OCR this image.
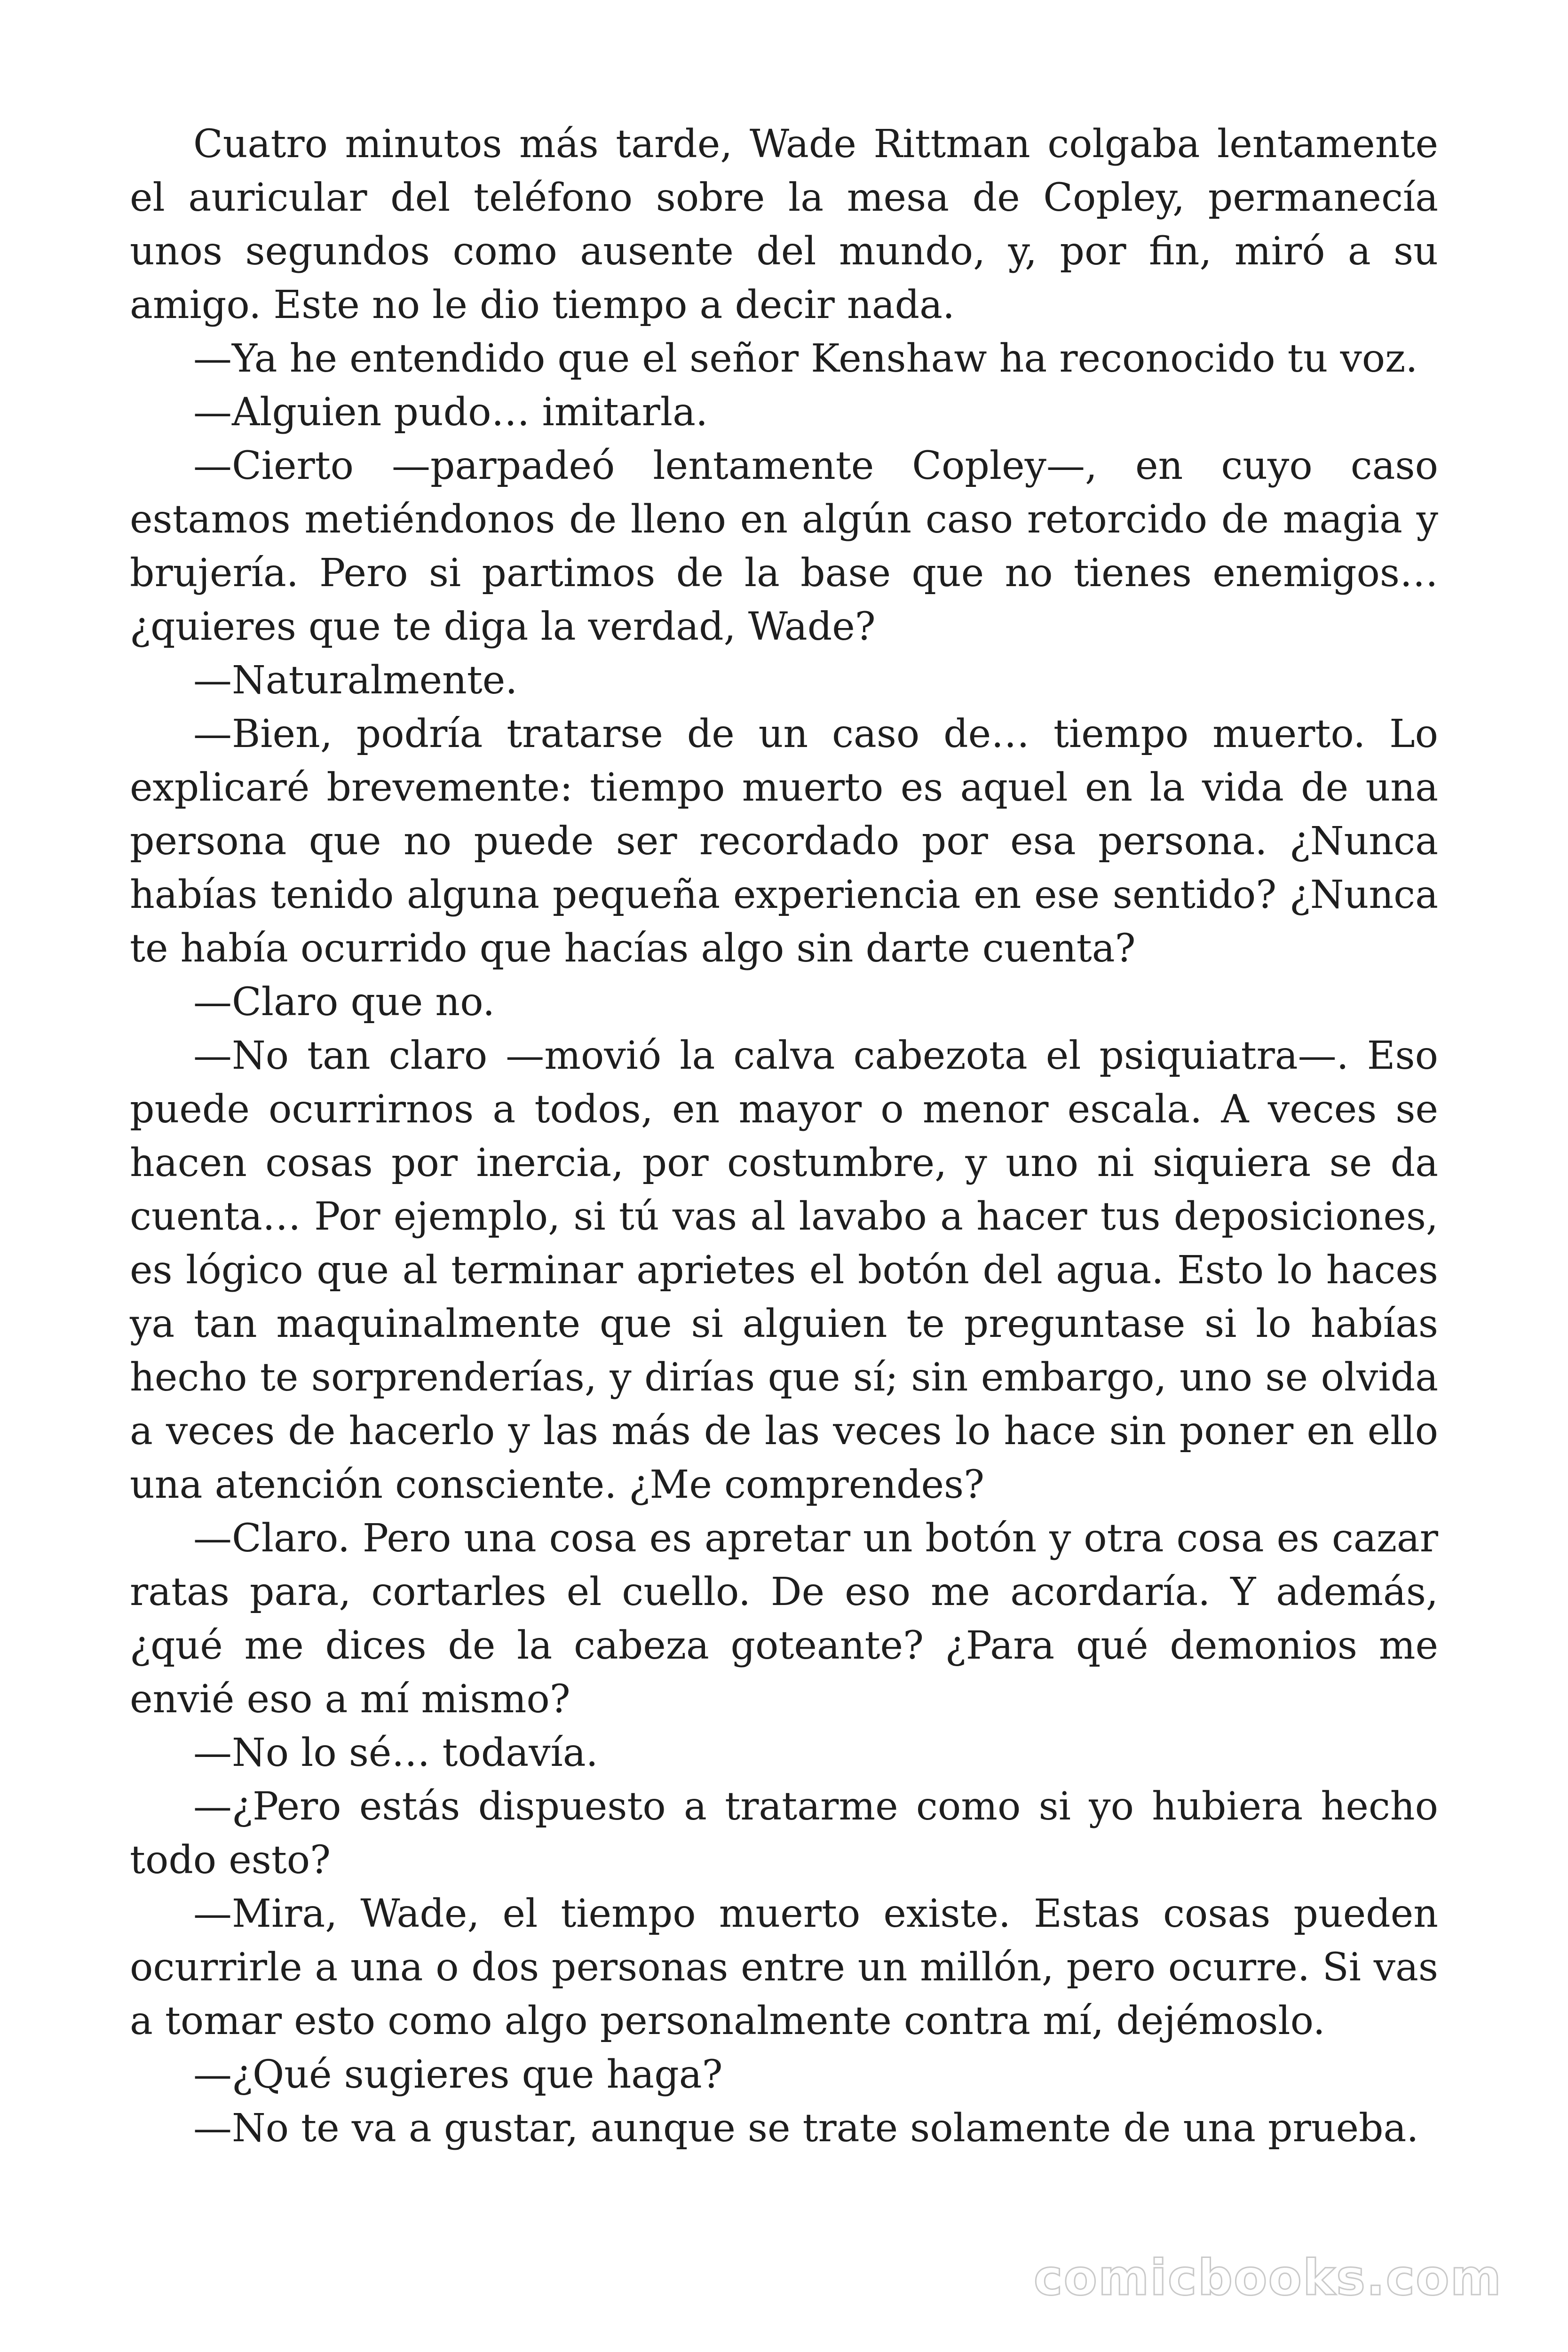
Cuatro minutos más tarde, Wade Rittman colgaba lentamente el auricular del teléfono sobre la mesa de Copley, permanecía unos segundos como ausente del mundo, y, por fin, miró a su amigo. Este no le dio tiempo a decir nada.

—Ya he entendido que el señor Kenshaw ha reconocido tu voz.

—Alguien pudo… imitarla.

—Cierto —parpadeó lentamente Copley—, en cuyo caso estamos metiéndonos de lleno en algún caso retorcido de magia y brujería. Pero si partimos de la base que no tienes enemigos… ¿quieres que te diga la verdad, Wade?

—Naturalmente.

—Bien, podría tratarse de un caso de… tiempo muerto. Lo explicaré brevemente: tiempo muerto es aquel en la vida de una persona que no puede ser recordado por esa persona. ¿Nunca habías tenido alguna pequeña experiencia en ese sentido? ¿Nunca te había ocurrido que hacías algo sin darte cuenta?

—Claro que no.

—No tan claro —movió la calva cabezota el psiquiatra—. Eso puede ocurrirnos a todos, en mayor o menor escala. A veces se hacen cosas por inercia, por costumbre, y uno ni siquiera se da cuenta… Por ejemplo, si tú vas al lavabo a hacer tus deposiciones, es lógico que al terminar aprietes el botón del agua. Esto lo haces ya tan maquinalmente que si alguien te preguntase si lo habías hecho te sorprenderías, y dirías que sí; sin embargo, uno se olvida a veces de hacerlo y las más de las veces lo hace sin poner en ello una atención consciente. ¿Me comprendes?

—Claro. Pero una cosa es apretar un botón y otra cosa es cazar ratas para, cortarles el cuello. De eso me acordaría. Y además, ¿qué me dices de la cabeza goteante? ¿Para qué demonios me envié eso a mí mismo?

—No lo sé… todavía.

—¿Pero estás dispuesto a tratarme como si yo hubiera hecho todo esto?

—Mira, Wade, el tiempo muerto existe. Estas cosas pueden ocurrirle a una o dos personas entre un millón, pero ocurre. Si vas a tomar esto como algo personalmente contra mí, dejémoslo.

—¿Qué sugieres que haga?

—No te va a gustar, aunque se trate solamente de una prueba.

comicbooks.com
